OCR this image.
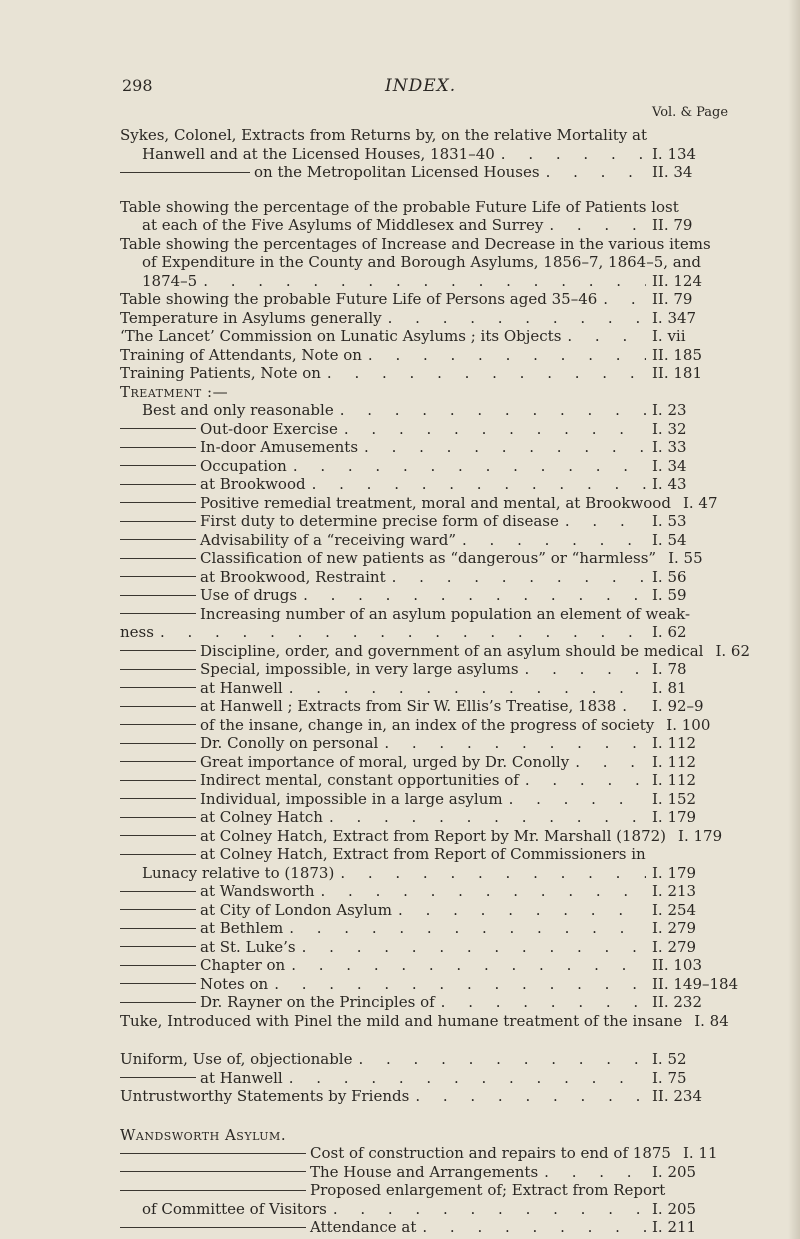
298	INDEX.
Vol. & Page
Sykes, Colonel, Extracts from Returns by, on the relative Mortality at
Hanwell and at the Licensed Houses, 1831–40 . . .	I. 134
on the Metropolitan Licensed Houses . . .	II. 34
Table showing the percentage of the probable Future Life of Patients lost
at each of the Five Asylums of Middlesex and Surrey . . .	II. 79
Table showing the percentages of Increase and Decrease in the various items
of Expenditure in the County and Borough Asylums, 1856–7, 1864–5, and
1874–5 . . .	II. 124
Table showing the probable Future Life of Persons aged 35–46 . . .	II. 79
Temperature in Asylums generally . . .	I. 347
‘The Lancet’ Commission on Lunatic Asylums ; its Objects . . .	I. vii
Training of Attendants, Note on . . .	II. 185
Training Patients, Note on . . .	II. 181
Treatment :—
Best and only reasonable . . .	I. 23
Out-door Exercise . . .	I. 32
In-door Amusements . . .	I. 33
Occupation . . .	I. 34
at Brookwood . . .	I. 43
Positive remedial treatment, moral and mental, at Brookwood . . . I. 47
First duty to determine precise form of disease . . .	I. 53
Advisability of a “receiving ward” . . .	I. 54
Classification of new patients as “dangerous” or “harmless” . . . I. 55
at Brookwood, Restraint . . .	I. 56
Use of drugs . . .	I. 59
Increasing number of an asylum population an element of weak-
ness . . .	I. 62
Discipline, order, and government of an asylum should be medical . . . I. 62
Special, impossible, in very large asylums . . .	I. 78
at Hanwell . . .	I. 81
at Hanwell ; Extracts from Sir W. Ellis’s Treatise, 1838 . . .	I. 92–9
of the insane, change in, an index of the progress of society . . . I. 100
Dr. Conolly on personal . . .	I. 112
Great importance of moral, urged by Dr. Conolly . . .	I. 112
Indirect mental, constant opportunities of . . .	I. 112
Individual, impossible in a large asylum . . .	I. 152
at Colney Hatch . . .	I. 179
at Colney Hatch, Extract from Report by Mr. Marshall (1872) . . . I. 179
at Colney Hatch, Extract from Report of Commissioners in
Lunacy relative to (1873) . . .	I. 179
at Wandsworth . . .	I. 213
at City of London Asylum . . .	I. 254
at Bethlem . . .	I. 279
at St. Luke’s . . .	I. 279
Chapter on . . .	II. 103
Notes on . . .	II. 149–184
Dr. Rayner on the Principles of . . .	II. 232
Tuke, Introduced with Pinel the mild and humane treatment of the insane . . . I. 84
Uniform, Use of, objectionable . . .	I. 52
at Hanwell . . .	I. 75
Untrustworthy Statements by Friends . . .	II. 234
Wandsworth Asylum.
Cost of construction and repairs to end of 1875 . . . I. 11
The House and Arrangements . . .	I. 205
Proposed enlargement of; Extract from Report
of Committee of Visitors . . .	I. 205
Attendance at . . .	I. 211
